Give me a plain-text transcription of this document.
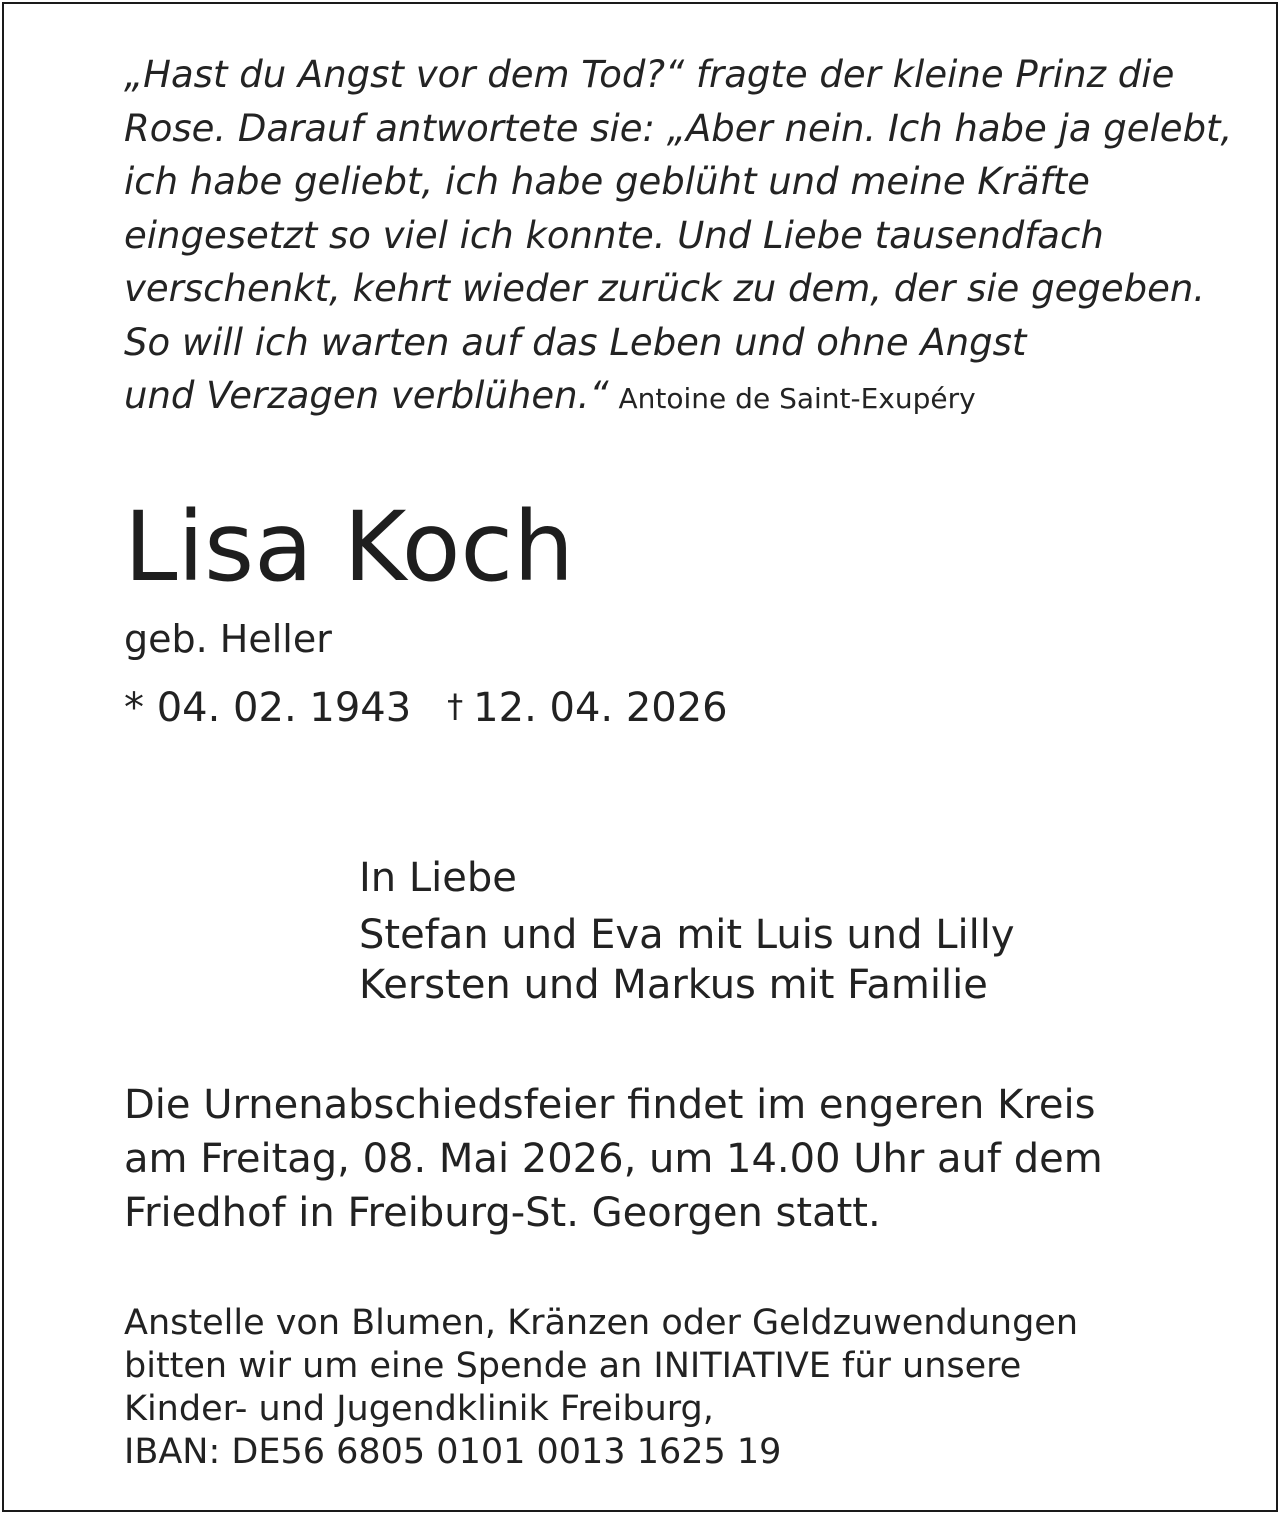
„Hast du Angst vor dem Tod?“ fragte der kleine Prinz die
Rose. Darauf antwortete sie: „Aber nein. Ich habe ja gelebt,
ich habe geliebt, ich habe geblüht und meine Kräfte
eingesetzt so viel ich konnte. Und Liebe tausendfach
verschenkt, kehrt wieder zurück zu dem, der sie gegeben.
So will ich warten auf das Leben und ohne Angst
und Verzagen verblühen.“ Antoine de Saint-Exupéry
Lisa Koch
geb. Heller
* 04. 02. 1943 † 12. 04. 2026
In Liebe
Stefan und Eva mit Luis und Lilly
Kersten und Markus mit Familie
Die Urnenabschiedsfeier findet im engeren Kreis
am Freitag, 08. Mai 2026, um 14.00 Uhr auf dem
Friedhof in Freiburg-St. Georgen statt.
Anstelle von Blumen, Kränzen oder Geldzuwendungen
bitten wir um eine Spende an INITIATIVE für unsere
Kinder- und Jugendklinik Freiburg,
IBAN: DE56 6805 0101 0013 1625 19
